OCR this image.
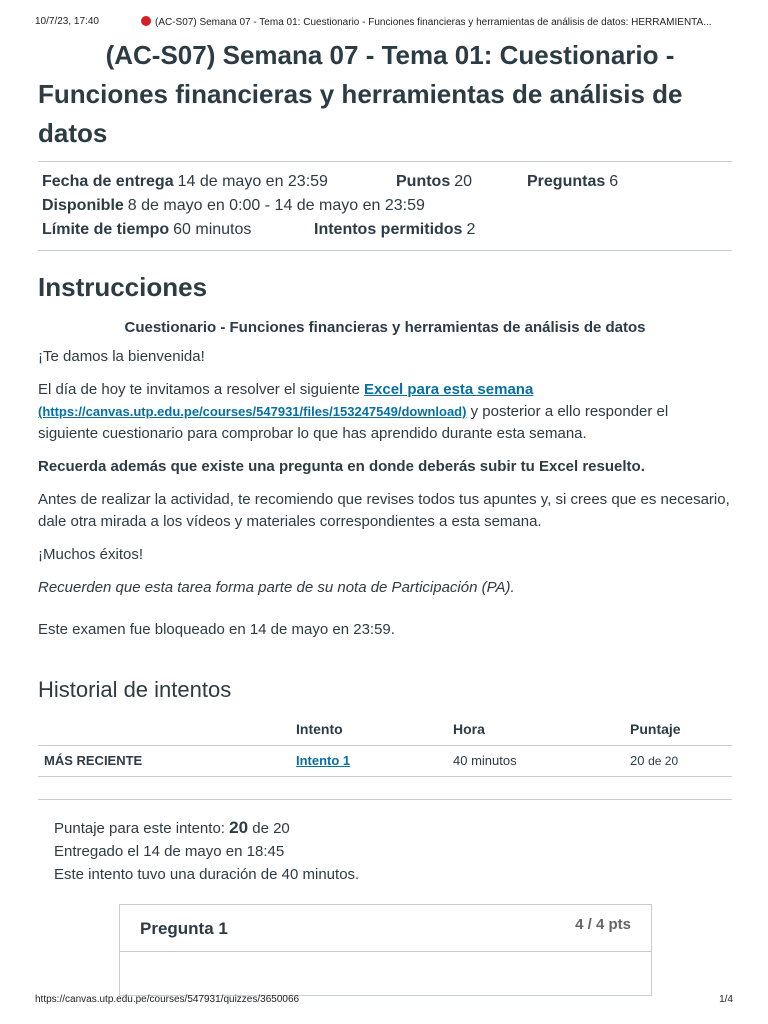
10/7/23, 17:40	(AC-S07) Semana 07 - Tema 01: Cuestionario - Funciones financieras y herramientas de análisis de datos: HERRAMIENTA...
(AC-S07) Semana 07 - Tema 01: Cuestionario -
Funciones financieras y herramientas de análisis de
datos
Fecha de entrega 14 de mayo en 23:59	Puntos 20	Preguntas 6
Disponible 8 de mayo en 0:00 - 14 de mayo en 23:59
Límite de tiempo 60 minutos	Intentos permitidos 2
Instrucciones

Cuestionario - Funciones financieras y herramientas de análisis de datos

¡Te damos la bienvenida!

El día de hoy te invitamos a resolver el siguiente Excel para esta semana
(https://canvas.utp.edu.pe/courses/547931/files/153247549/download) y posterior a ello responder el siguiente cuestionario para comprobar lo que has aprendido durante esta semana.

Recuerda además que existe una pregunta en donde deberás subir tu Excel resuelto.

Antes de realizar la actividad, te recomiendo que revises todos tus apuntes y, si crees que es necesario, dale otra mirada a los vídeos y materiales correspondientes a esta semana.

¡Muchos éxitos!

Recuerden que esta tarea forma parte de su nota de Participación (PA).

Este examen fue bloqueado en 14 de mayo en 23:59.

Historial de intentos
	Intento	Hora	Puntaje
MÁS RECIENTE	Intento 1	40 minutos	20 de 20
Puntaje para este intento: 20 de 20
Entregado el 14 de mayo en 18:45
Este intento tuvo una duración de 40 minutos.
Pregunta 1	4 / 4 pts
https://canvas.utp.edu.pe/courses/547931/quizzes/3650066	1/4
